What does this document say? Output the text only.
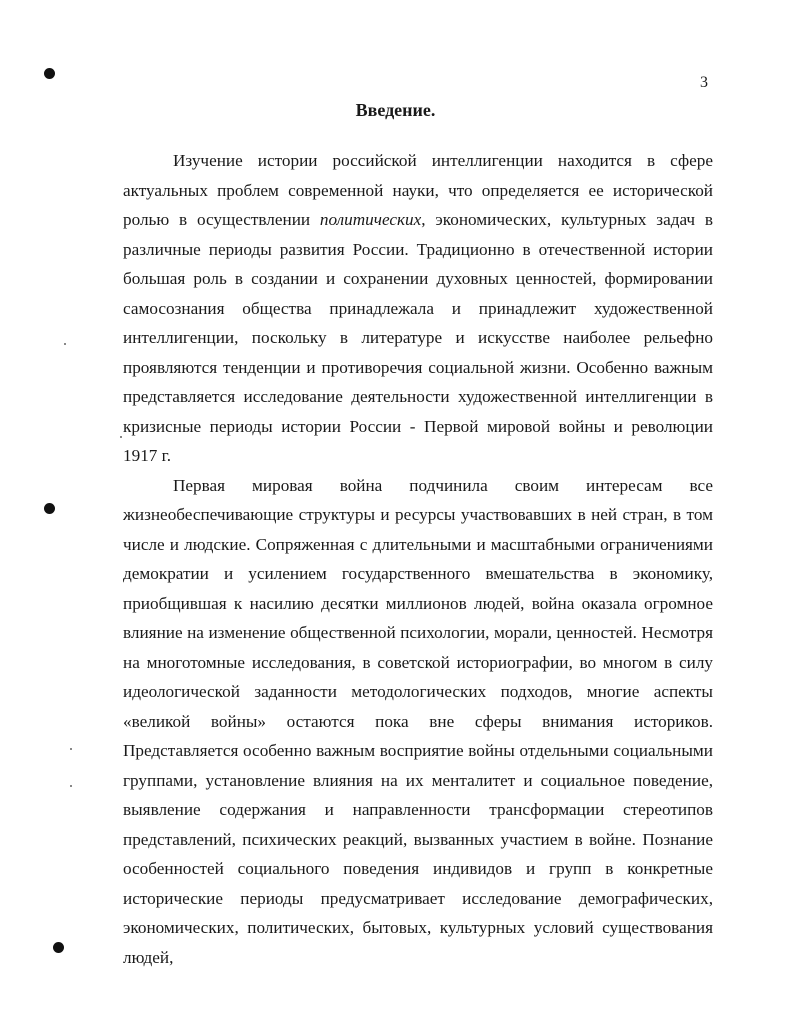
3
Введение.

Изучение истории российской интеллигенции находится в сфере актуальных проблем современной науки, что определяется ее исторической ролью в осуществлении политических, экономических, культурных задач в различные периоды развития России. Традиционно в отечественной истории большая роль в создании и сохранении духовных ценностей, формировании самосознания общества принадлежала и принадлежит художественной интеллигенции, поскольку в литературе и искусстве наиболее рельефно проявляются тенденции и противоречия социальной жизни. Особенно важным представляется исследование деятельности художественной интеллигенции в кризисные периоды истории России - Первой мировой войны и революции 1917 г.

Первая мировая война подчинила своим интересам все жизнеобеспечивающие структуры и ресурсы участвовавших в ней стран, в том числе и людские. Сопряженная с длительными и масштабными ограничениями демократии и усилением государственного вмешательства в экономику, приобщившая к насилию десятки миллионов людей, война оказала огромное влияние на изменение общественной психологии, морали, ценностей. Несмотря на многотомные исследования, в советской историографии, во многом в силу идеологической заданности методологических подходов, многие аспекты «великой войны» остаются пока вне сферы внимания историков. Представляется особенно важным восприятие войны отдельными социальными группами, установление влияния на их менталитет и социальное поведение, выявление содержания и направленности трансформации стереотипов представлений, психических реакций, вызванных участием в войне. Познание особенностей социального поведения индивидов и групп в конкретные исторические периоды предусматривает исследование демографических, экономических, политических, бытовых, культурных условий существования людей,
